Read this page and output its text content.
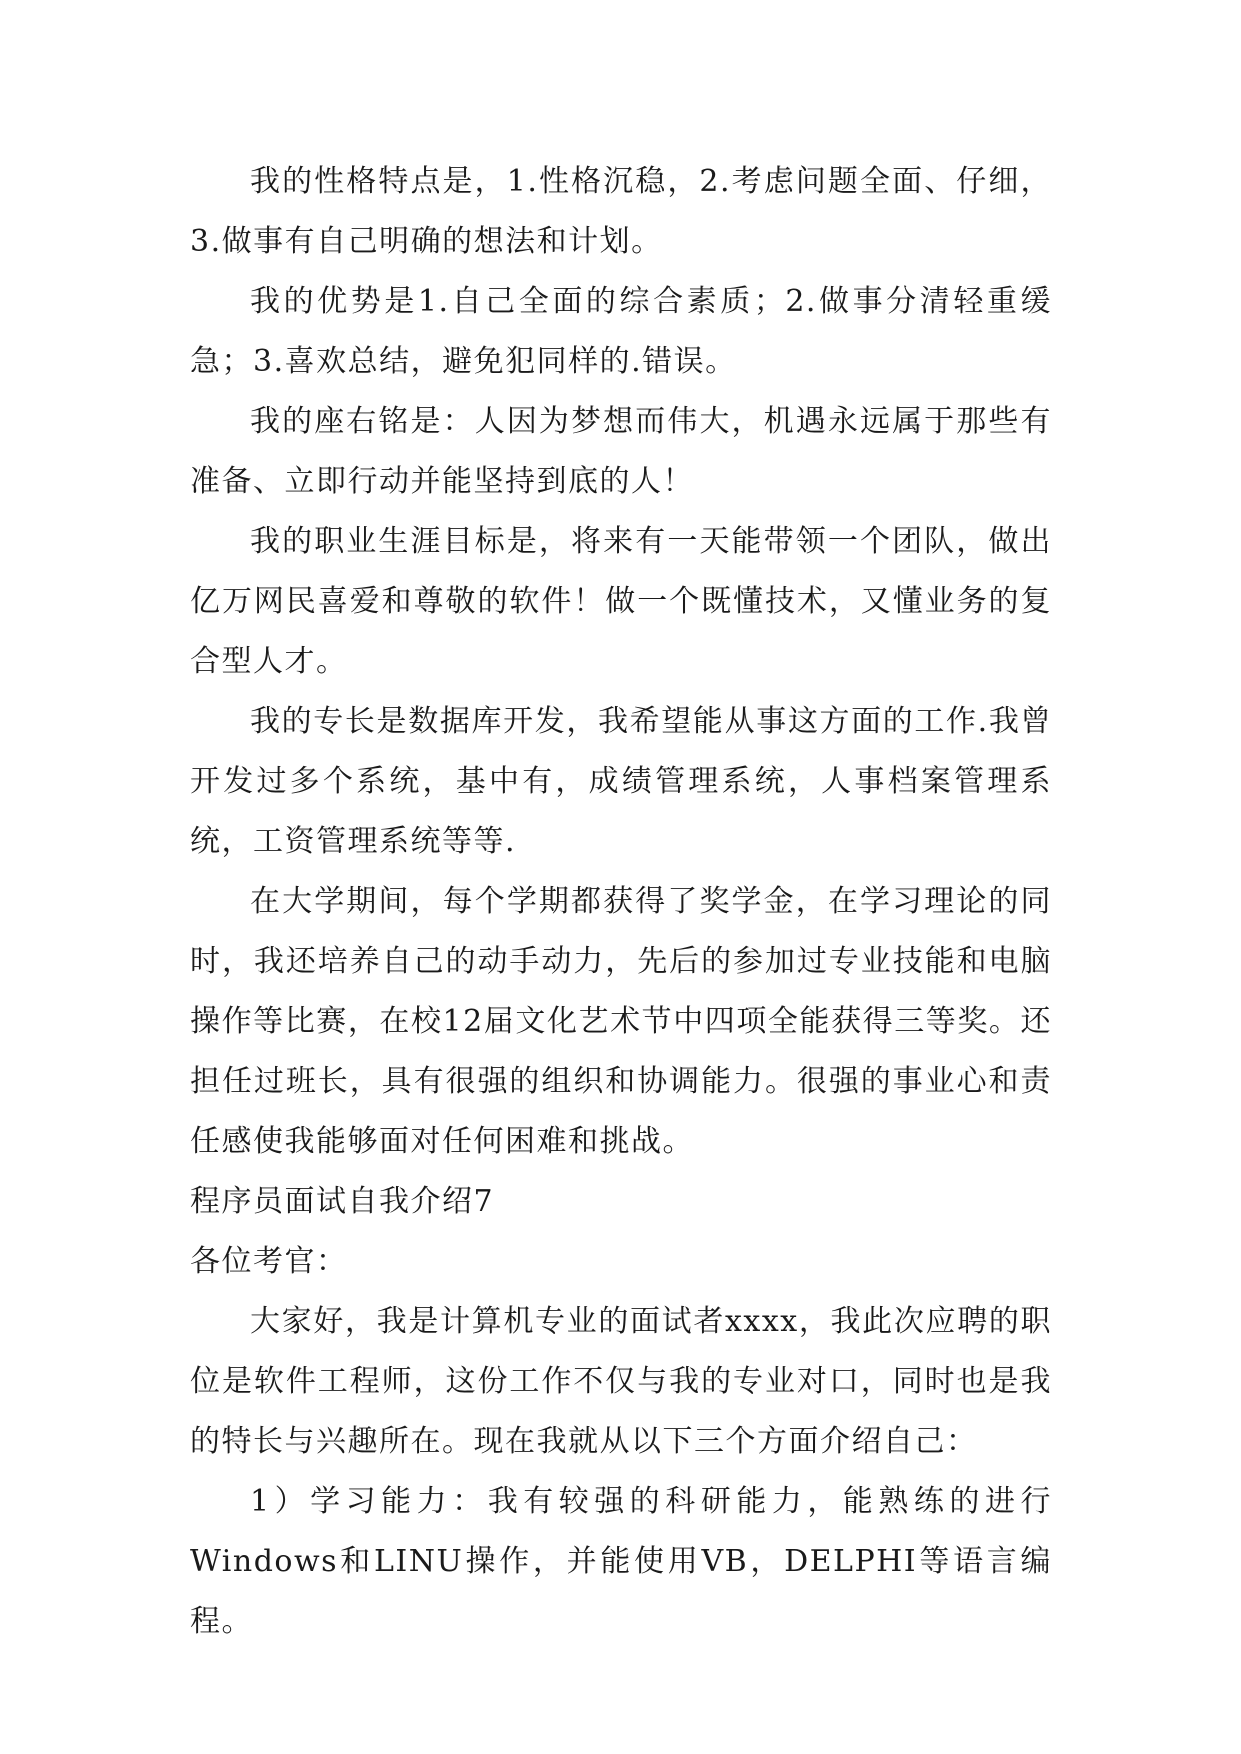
我的性格特点是，1.性格沉稳，2.考虑问题全面、仔细，3.做事有自己明确的想法和计划。

我的优势是1.自己全面的综合素质；2.做事分清轻重缓急；3.喜欢总结，避免犯同样的.错误。

我的座右铭是：人因为梦想而伟大，机遇永远属于那些有准备、立即行动并能坚持到底的人！

我的职业生涯目标是，将来有一天能带领一个团队，做出亿万网民喜爱和尊敬的软件！做一个既懂技术，又懂业务的复合型人才。

我的专长是数据库开发，我希望能从事这方面的工作.我曾开发过多个系统，基中有，成绩管理系统，人事档案管理系统，工资管理系统等等.

在大学期间，每个学期都获得了奖学金，在学习理论的同时，我还培养自己的动手动力，先后的参加过专业技能和电脑操作等比赛，在校12届文化艺术节中四项全能获得三等奖。还担任过班长，具有很强的组织和协调能力。很强的事业心和责任感使我能够面对任何困难和挑战。

程序员面试自我介绍7

各位考官：

大家好，我是计算机专业的面试者xxxx，我此次应聘的职位是软件工程师，这份工作不仅与我的专业对口，同时也是我的特长与兴趣所在。现在我就从以下三个方面介绍自己：

1）学习能力：我有较强的科研能力，能熟练的进行Windows和LINU操作，并能使用VB，DELPHI等语言编程。
